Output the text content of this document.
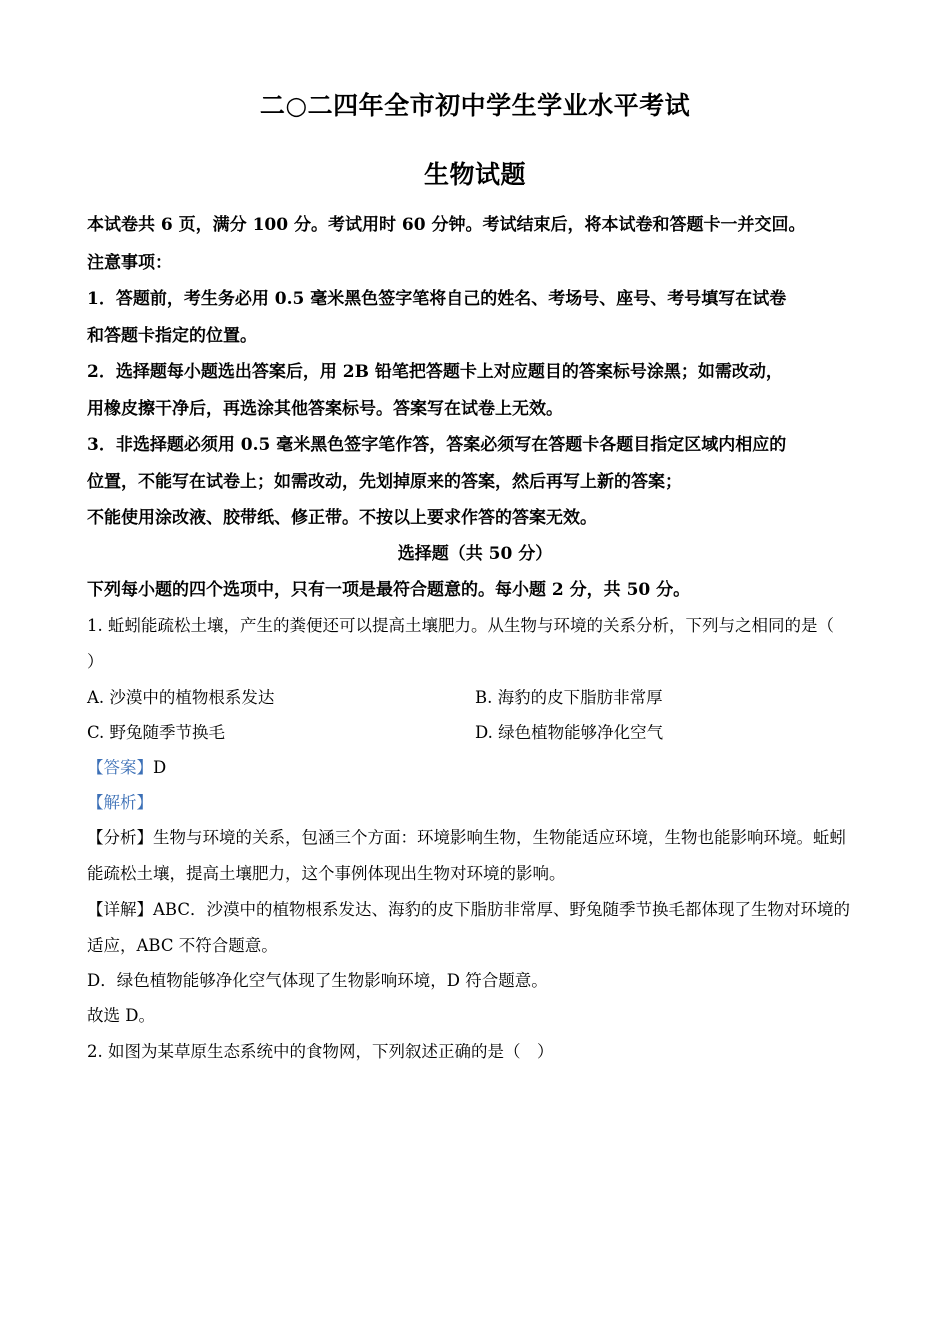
二○二四年全市初中学生学业水平考试
生物试题
本试卷共 6 页，满分 100 分。考试用时 60 分钟。考试结束后，将本试卷和答题卡一并交回。
注意事项：
1．答题前，考生务必用 0.5 毫米黑色签字笔将自己的姓名、考场号、座号、考号填写在试卷
和答题卡指定的位置。
2．选择题每小题选出答案后，用 2B 铅笔把答题卡上对应题目的答案标号涂黑；如需改动，
用橡皮擦干净后，再选涂其他答案标号。答案写在试卷上无效。
3．非选择题必须用 0.5 毫米黑色签字笔作答，答案必须写在答题卡各题目指定区域内相应的
位置，不能写在试卷上；如需改动，先划掉原来的答案，然后再写上新的答案；
不能使用涂改液、胶带纸、修正带。不按以上要求作答的答案无效。
选择题（共 50 分）
下列每小题的四个选项中，只有一项是最符合题意的。每小题 2 分，共 50 分。
1. 蚯蚓能疏松土壤，产生的粪便还可以提高土壤肥力。从生物与环境的关系分析，下列与之相同的是（
）
A. 沙漠中的植物根系发达	B. 海豹的皮下脂肪非常厚
C. 野兔随季节换毛	D. 绿色植物能够净化空气
【答案】D
【解析】
【分析】生物与环境的关系，包涵三个方面：环境影响生物，生物能适应环境，生物也能影响环境。蚯蚓
能疏松土壤，提高土壤肥力，这个事例体现出生物对环境的影响。
【详解】ABC．沙漠中的植物根系发达、海豹的皮下脂肪非常厚、野兔随季节换毛都体现了生物对环境的
适应，ABC 不符合题意。
D．绿色植物能够净化空气体现了生物影响环境，D 符合题意。
故选 D。
2. 如图为某草原生态系统中的食物网，下列叙述正确的是（　）
